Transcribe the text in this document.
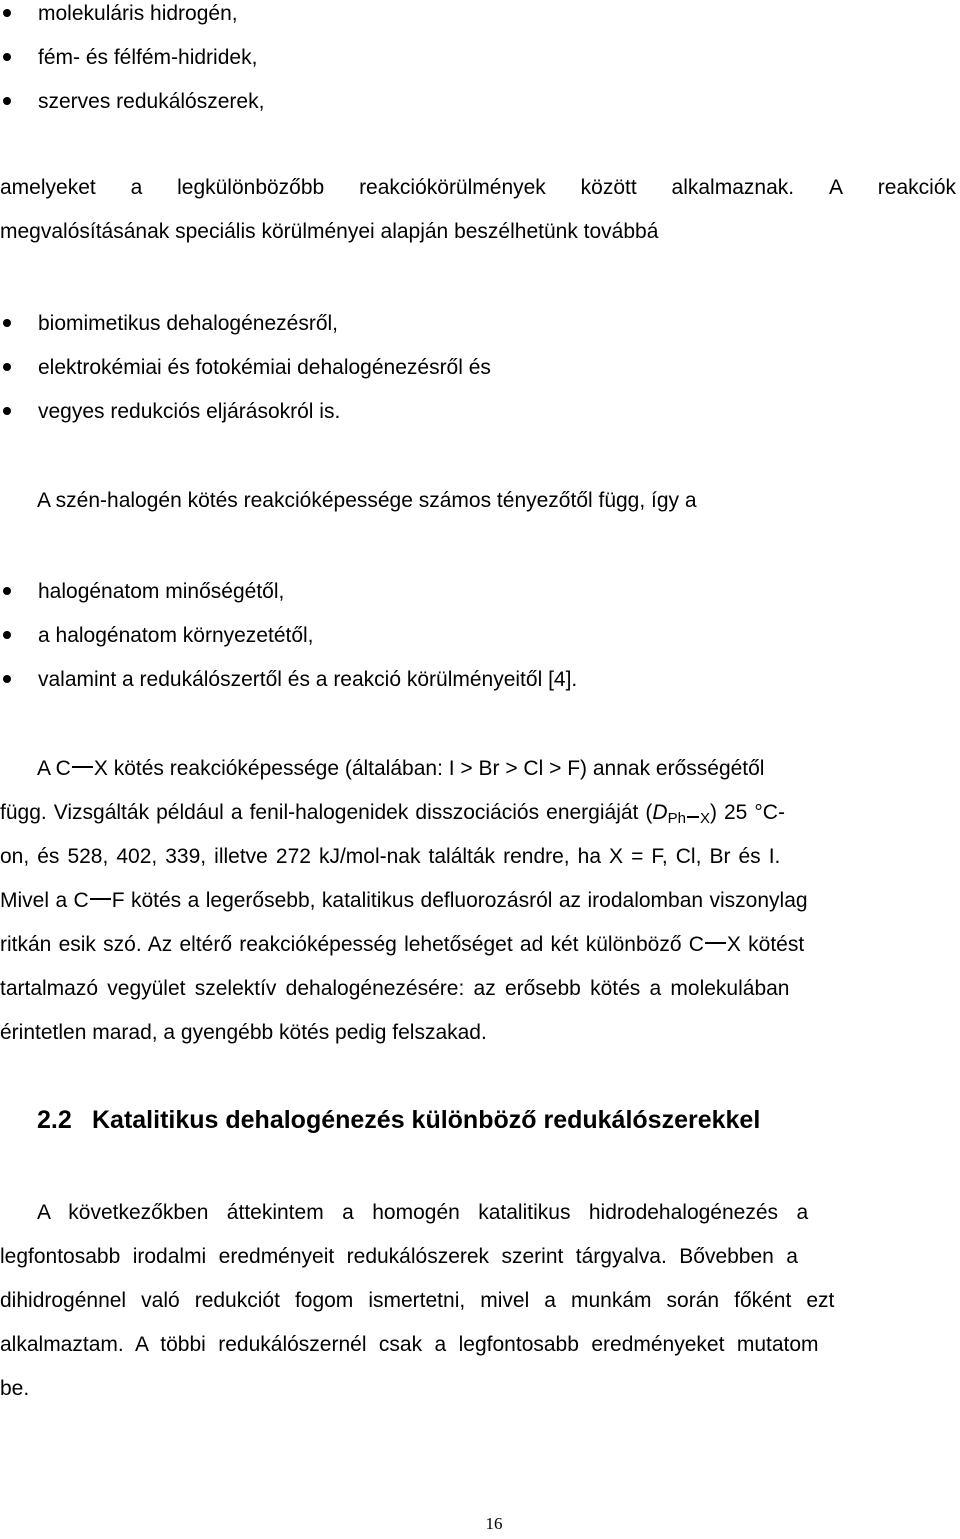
molekuláris hidrogén,
fém- és félfém-hidridek,
szerves redukálószerek,
amelyeket a legkülönbözőbb reakciókörülmények között alkalmaznak. A reakciók
megvalósításának speciális körülményei alapján beszélhetünk továbbá
biomimetikus dehalogénezésről,
elektrokémiai és fotokémiai dehalogénezésről és
vegyes redukciós eljárásokról is.
A szén-halogén kötés reakcióképessége számos tényezőtől függ, így a
halogénatom minőségétől,
a halogénatom környezetétől,
valamint a redukálószertől és a reakció körülményeitől [4].
A C X kötés reakcióképessége (általában: I > Br > Cl > F) annak erősségétől
függ. Vizsgálták például a fenil-halogenidek disszociációs energiáját $(D_{Ph X})$ 25 °C-
on, és 528, 402, 339, illetve 272 kJ/mol-nak találták rendre, ha X = F, Cl, Br és I.
Mivel a C F kötés a legerősebb, katalitikus defluorozásról az irodalomban viszonylag
ritkán esik szó. Az eltérő reakcióképesség lehetőséget ad két különböző C X kötést
tartalmazó vegyület szelektív dehalogénezésére: az erősebb kötés a molekulában
érintetlen marad, a gyengébb kötés pedig felszakad.
2.2 Katalitikus dehalogénezés különböző redukálószerekkel
A következőkben áttekintem a homogén katalitikus hidrodehalogénezés a
legfontosabb irodalmi eredményeit redukálószerek szerint tárgyalva. Bővebben a
dihidrogénnel való redukciót fogom ismertetni, mivel a munkám során főként ezt
alkalmaztam. A többi redukálószernél csak a legfontosabb eredményeket mutatom
be.
16
